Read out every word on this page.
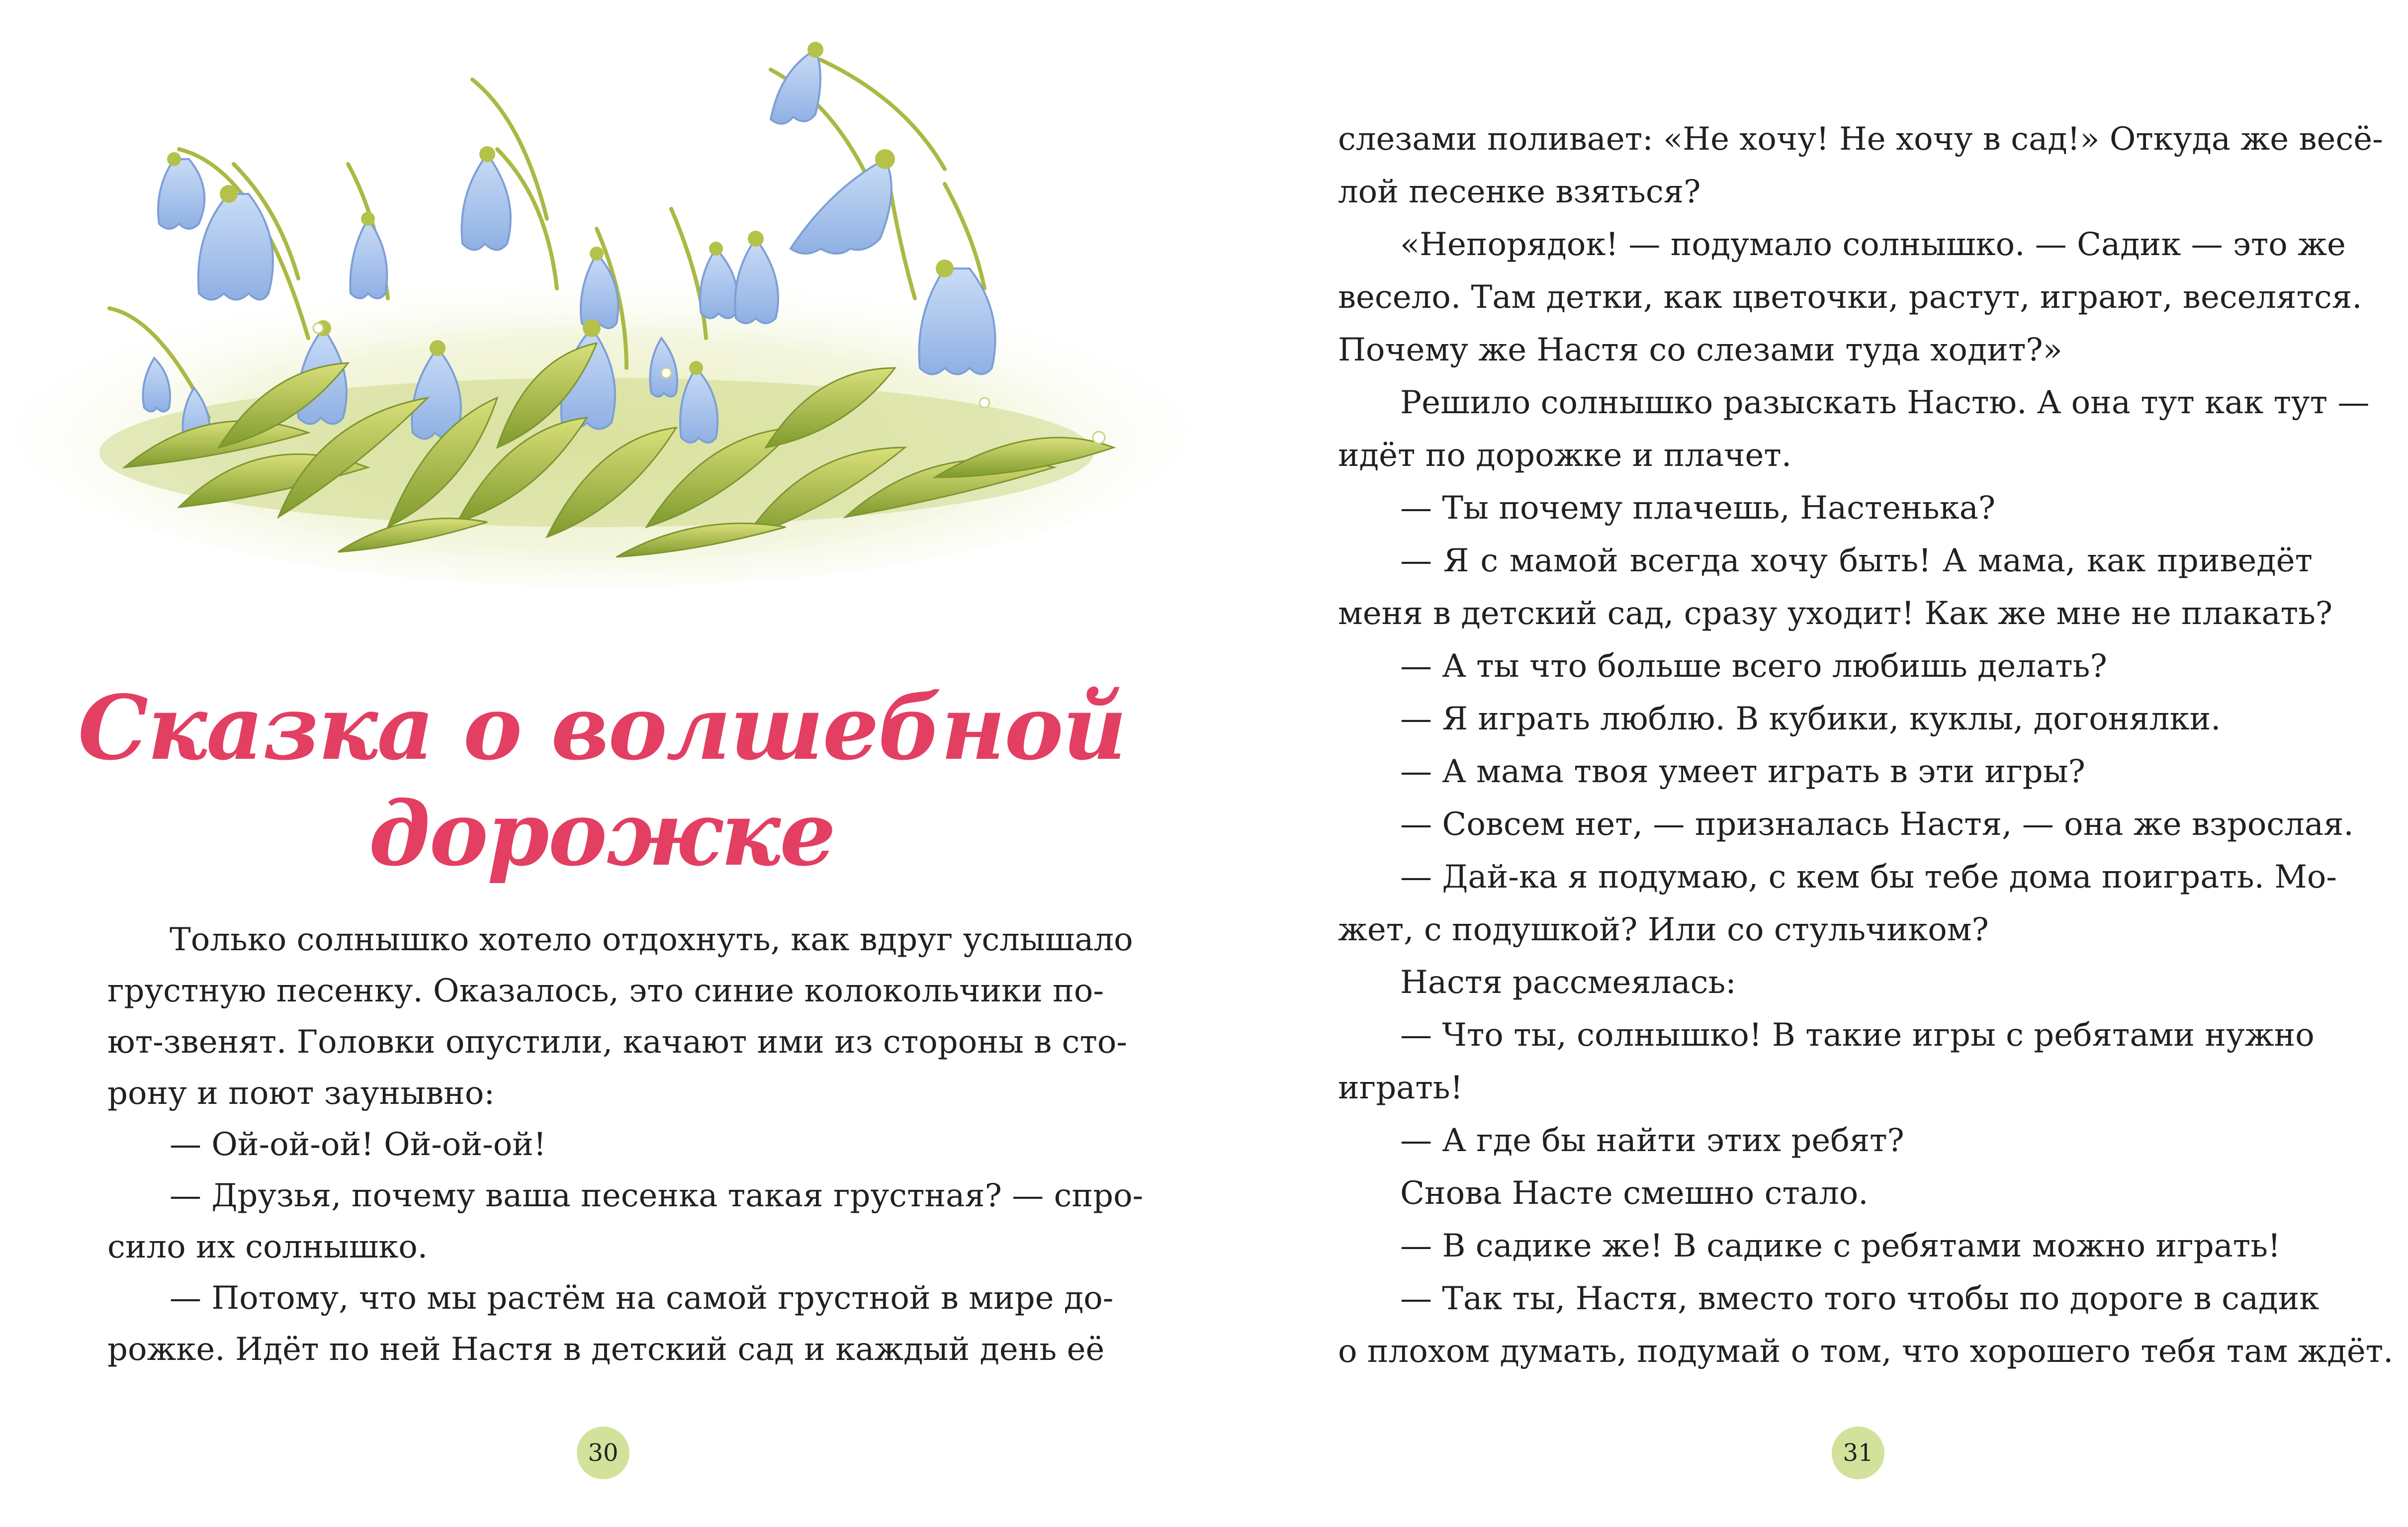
Сказка о волшебной
дорожке
Только солнышко хотело отдохнуть, как вдруг услышало
грустную песенку. Оказалось, это синие колокольчики по-
ют-звенят. Головки опустили, качают ими из стороны в сто-
рону и поют заунывно:
— Ой-ой-ой! Ой-ой-ой!
— Друзья, почему ваша песенка такая грустная? — спро-
сило их солнышко.
— Потому, что мы растём на самой грустной в мире до-
рожке. Идёт по ней Настя в детский сад и каждый день её
30
слезами поливает: «Не хочу! Не хочу в сад!» Откуда же весё-
лой песенке взяться?
«Непорядок! — подумало солнышко. — Садик — это же
весело. Там детки, как цветочки, растут, играют, веселятся.
Почему же Настя со слезами туда ходит?»
Решило солнышко разыскать Настю. А она тут как тут —
идёт по дорожке и плачет.
— Ты почему плачешь, Настенька?
— Я с мамой всегда хочу быть! А мама, как приведёт
меня в детский сад, сразу уходит! Как же мне не плакать?
— А ты что больше всего любишь делать?
— Я играть люблю. В кубики, куклы, догонялки.
— А мама твоя умеет играть в эти игры?
— Совсем нет, — призналась Настя, — она же взрослая.
— Дай-ка я подумаю, с кем бы тебе дома поиграть. Мо-
жет, с подушкой? Или со стульчиком?
Настя рассмеялась:
— Что ты, солнышко! В такие игры с ребятами нужно
играть!
— А где бы найти этих ребят?
Снова Насте смешно стало.
— В садике же! В садике с ребятами можно играть!
— Так ты, Настя, вместо того чтобы по дороге в садик
о плохом думать, подумай о том, что хорошего тебя там ждёт.
31
